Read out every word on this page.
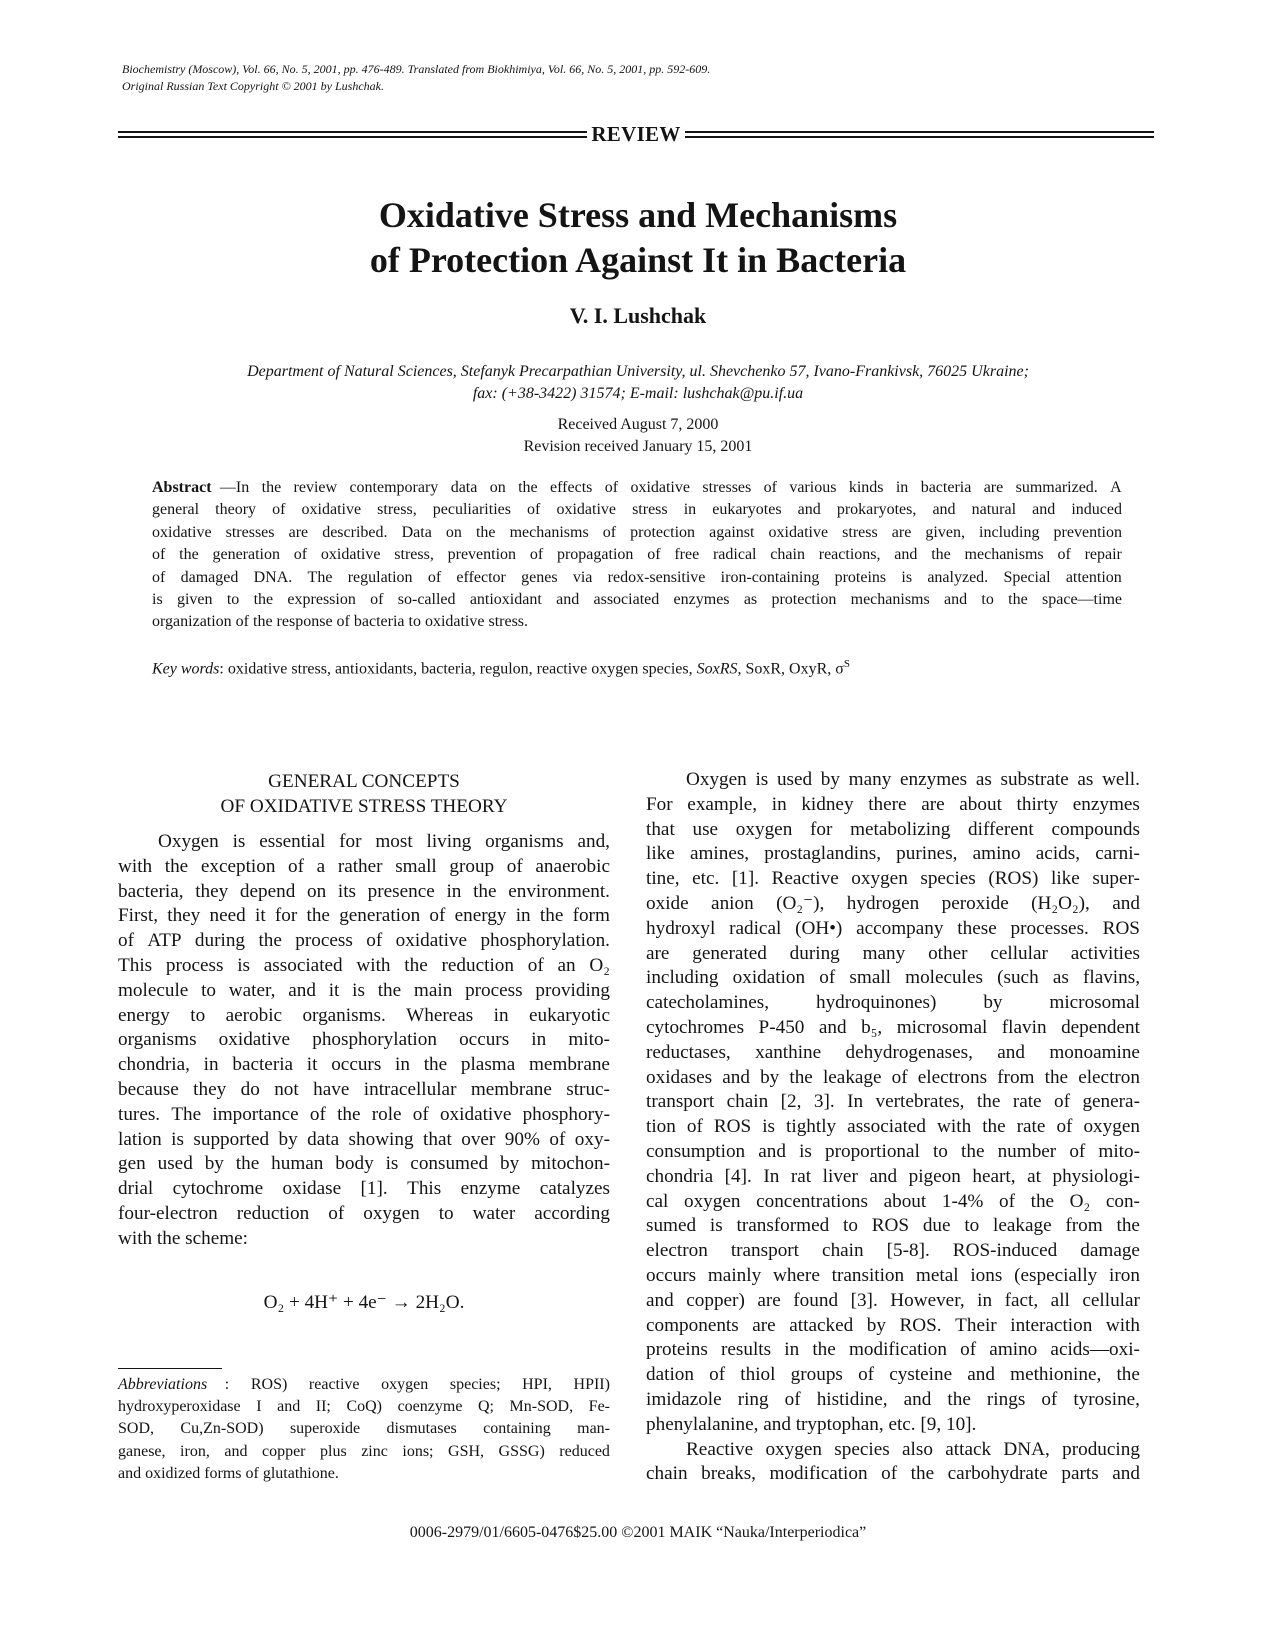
Biochemistry (Moscow), Vol. 66, No. 5, 2001, pp. 476-489. Translated from Biokhimiya, Vol. 66, No. 5, 2001, pp. 592-609.
Original Russian Text Copyright © 2001 by Lushchak.
REVIEW
Oxidative Stress and Mechanisms
of Protection Against It in Bacteria
V. I. Lushchak
Department of Natural Sciences, Stefanyk Precarpathian University, ul. Shevchenko 57, Ivano-Frankivsk, 76025 Ukraine;
fax: (+38-3422) 31574; E-mail: lushchak@pu.if.ua
Received August 7, 2000
Revision received January 15, 2001
Abstract —In the review contemporary data on the effects of oxidative stresses of various kinds in bacteria are summarized. A
general theory of oxidative stress, peculiarities of oxidative stress in eukaryotes and prokaryotes, and natural and induced
oxidative stresses are described. Data on the mechanisms of protection against oxidative stress are given, including prevention
of the generation of oxidative stress, prevention of propagation of free radical chain reactions, and the mechanisms of repair
of damaged DNA. The regulation of effector genes via redox-sensitive iron-containing proteins is analyzed. Special attention
is given to the expression of so-called antioxidant and associated enzymes as protection mechanisms and to the space—time
organization of the response of bacteria to oxidative stress.
Key words: oxidative stress, antioxidants, bacteria, regulon, reactive oxygen species, SoxRS, SoxR, OxyR, $\sigma^S$
GENERAL CONCEPTS
OF OXIDATIVE STRESS THEORY
Oxygen is essential for most living organisms and,
with the exception of a rather small group of anaerobic
bacteria, they depend on its presence in the environment.
First, they need it for the generation of energy in the form
of ATP during the process of oxidative phosphorylation.
This process is associated with the reduction of an O₂
molecule to water, and it is the main process providing
energy to aerobic organisms. Whereas in eukaryotic
organisms oxidative phosphorylation occurs in mito-
chondria, in bacteria it occurs in the plasma membrane
because they do not have intracellular membrane struc-
tures. The importance of the role of oxidative phosphory-
lation is supported by data showing that over 90% of oxy-
gen used by the human body is consumed by mitochon-
drial cytochrome oxidase [1]. This enzyme catalyzes
four-electron reduction of oxygen to water according
with the scheme:
O₂ + 4H⁺ + 4e⁻ → 2H₂O.
Abbreviations : ROS) reactive oxygen species; HPI, HPII)
hydroxyperoxidase I and II; CoQ) coenzyme Q; Mn-SOD, Fe-
SOD, Cu,Zn-SOD) superoxide dismutases containing man-
ganese, iron, and copper plus zinc ions; GSH, GSSG) reduced
and oxidized forms of glutathione.
Oxygen is used by many enzymes as substrate as well.
For example, in kidney there are about thirty enzymes
that use oxygen for metabolizing different compounds
like amines, prostaglandins, purines, amino acids, carni-
tine, etc. [1]. Reactive oxygen species (ROS) like super-
oxide anion (O₂⁻), hydrogen peroxide (H₂O₂), and
hydroxyl radical (OH•) accompany these processes. ROS
are generated during many other cellular activities
including oxidation of small molecules (such as flavins,
catecholamines, hydroquinones) by microsomal
cytochromes P-450 and b₅, microsomal flavin dependent
reductases, xanthine dehydrogenases, and monoamine
oxidases and by the leakage of electrons from the electron
transport chain [2, 3]. In vertebrates, the rate of genera-
tion of ROS is tightly associated with the rate of oxygen
consumption and is proportional to the number of mito-
chondria [4]. In rat liver and pigeon heart, at physiologi-
cal oxygen concentrations about 1-4% of the O₂ con-
sumed is transformed to ROS due to leakage from the
electron transport chain [5-8]. ROS-induced damage
occurs mainly where transition metal ions (especially iron
and copper) are found [3]. However, in fact, all cellular
components are attacked by ROS. Their interaction with
proteins results in the modification of amino acids—oxi-
dation of thiol groups of cysteine and methionine, the
imidazole ring of histidine, and the rings of tyrosine,
phenylalanine, and tryptophan, etc. [9, 10].
Reactive oxygen species also attack DNA, producing
chain breaks, modification of the carbohydrate parts and
0006-2979/01/6605-0476$25.00 ©2001 MAIK “Nauka/Interperiodica”
